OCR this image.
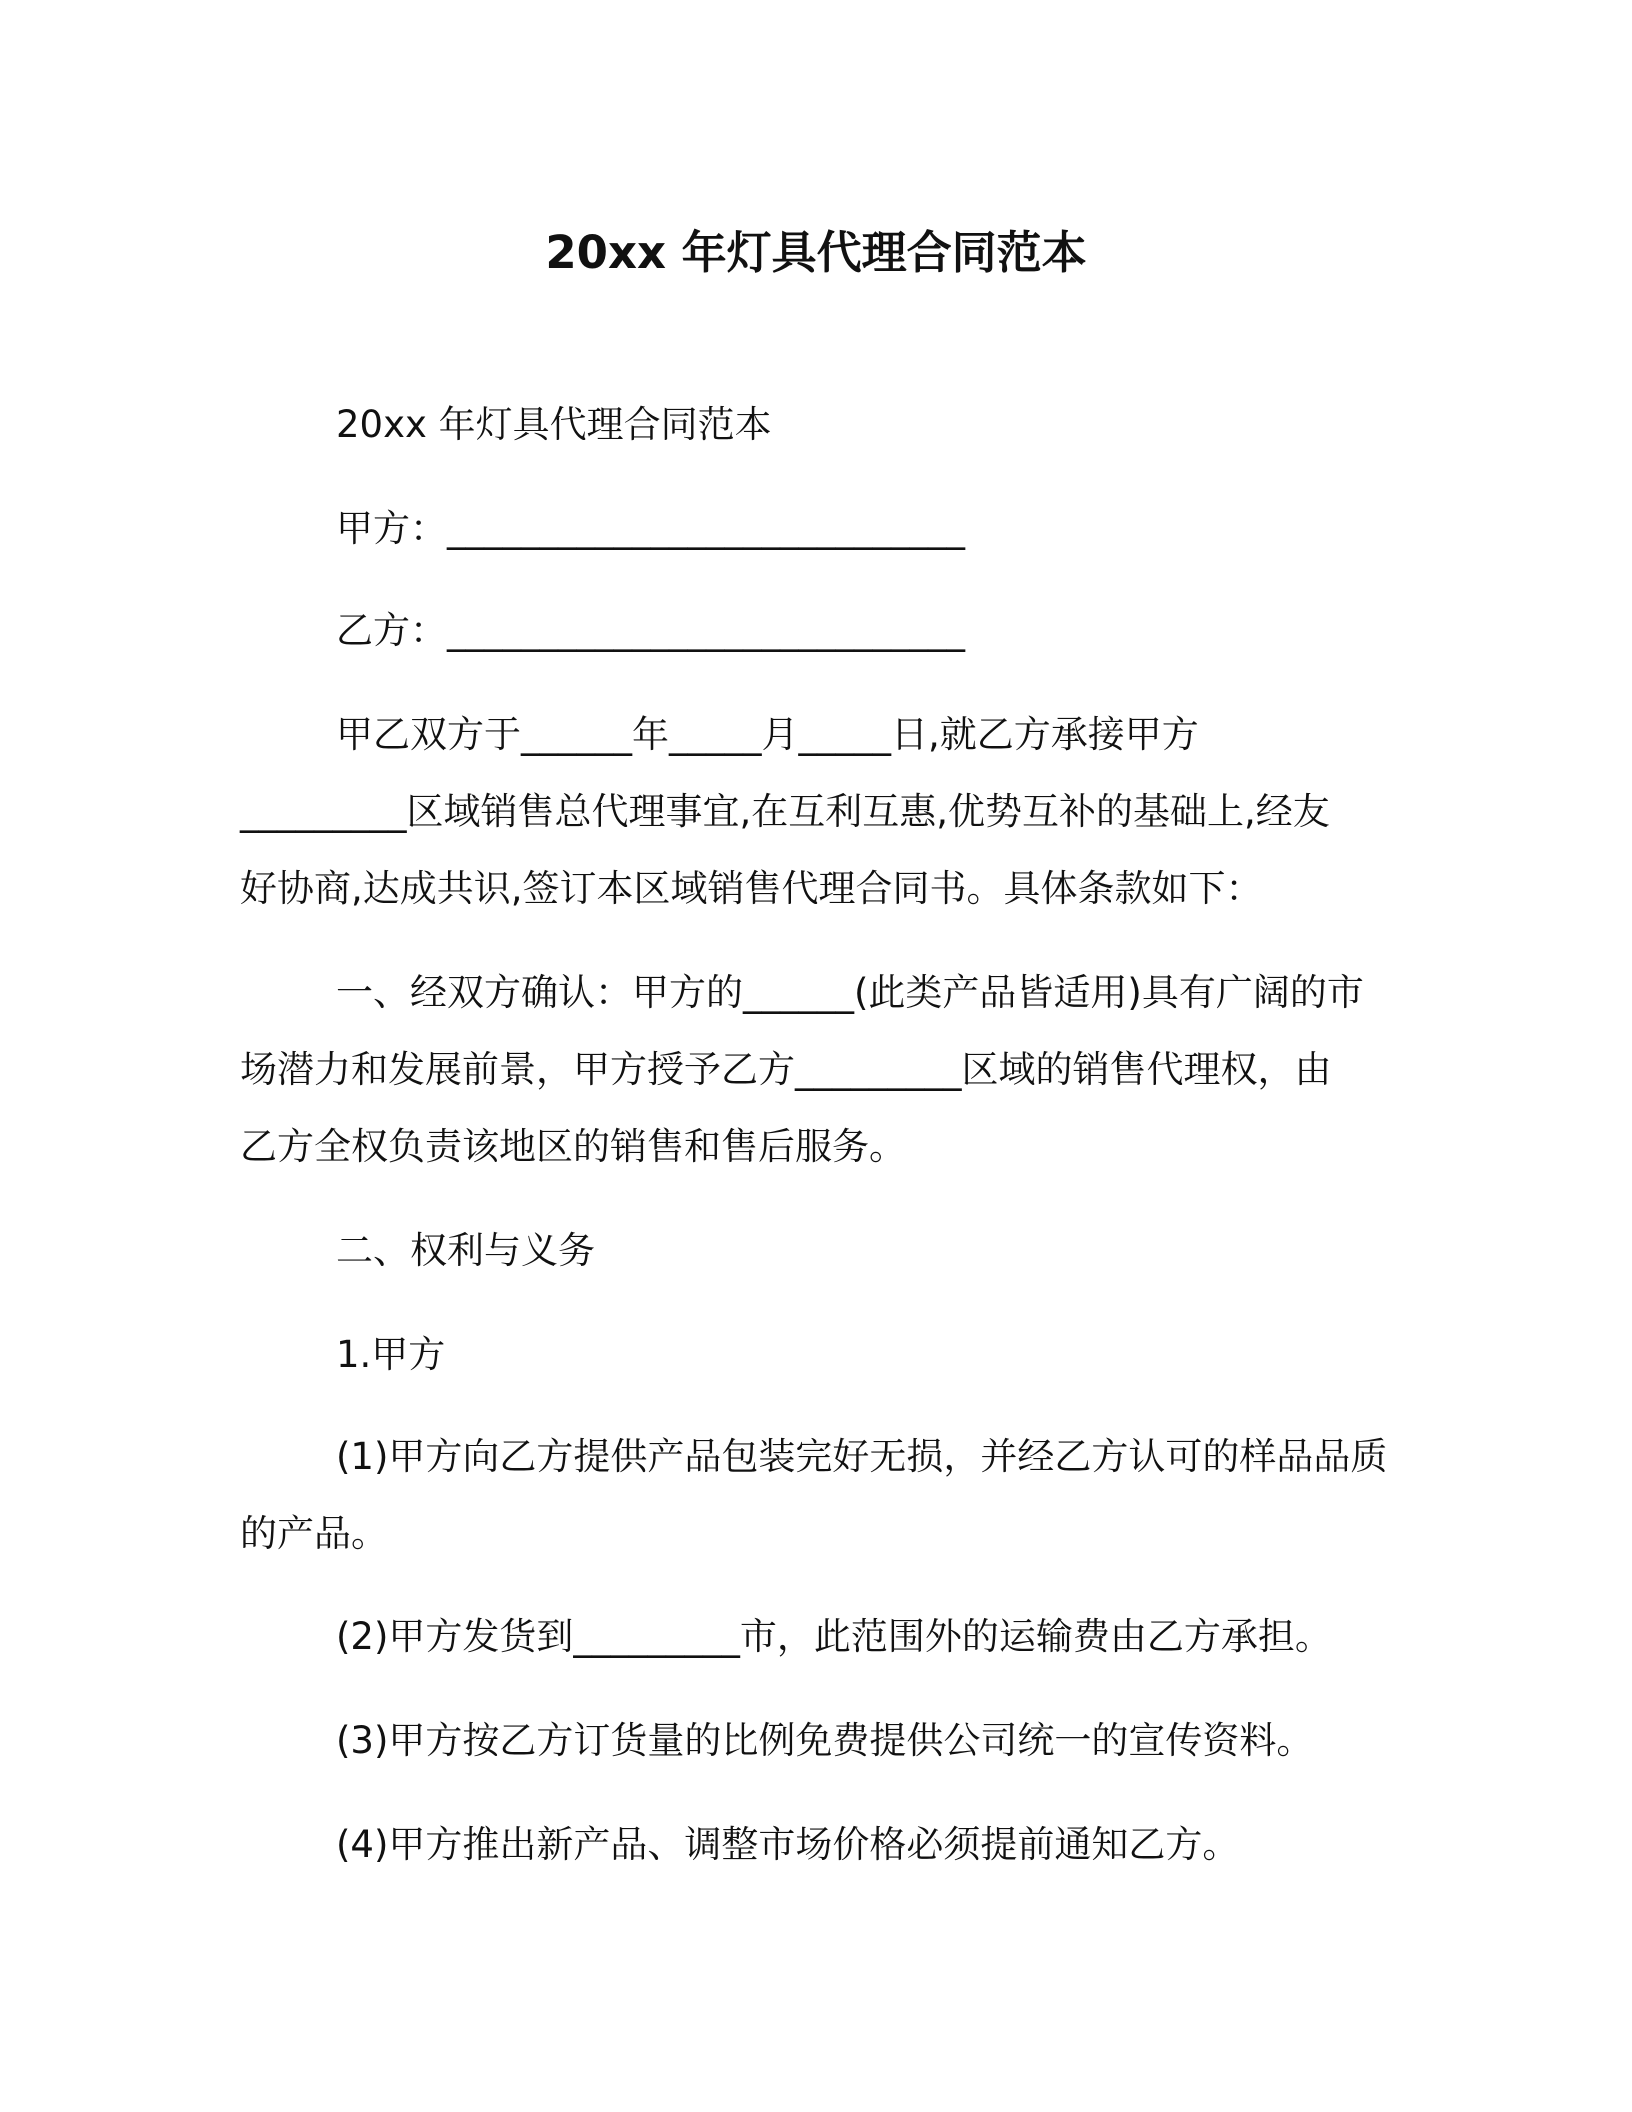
20xx 年灯具代理合同范本
20xx 年灯具代理合同范本
甲方：____________________________
乙方：____________________________
甲乙双方于______年_____月_____日,就乙方承接甲方
_________区域销售总代理事宜,在互利互惠,优势互补的基础上,经友
好协商,达成共识,签订本区域销售代理合同书。具体条款如下：
一、经双方确认：甲方的______(此类产品皆适用)具有广阔的市
场潜力和发展前景，甲方授予乙方_________区域的销售代理权，由
乙方全权负责该地区的销售和售后服务。
二、权利与义务
1.甲方
(1)甲方向乙方提供产品包装完好无损，并经乙方认可的样品品质
的产品。
(2)甲方发货到_________市，此范围外的运输费由乙方承担。
(3)甲方按乙方订货量的比例免费提供公司统一的宣传资料。
(4)甲方推出新产品、调整市场价格必须提前通知乙方。
